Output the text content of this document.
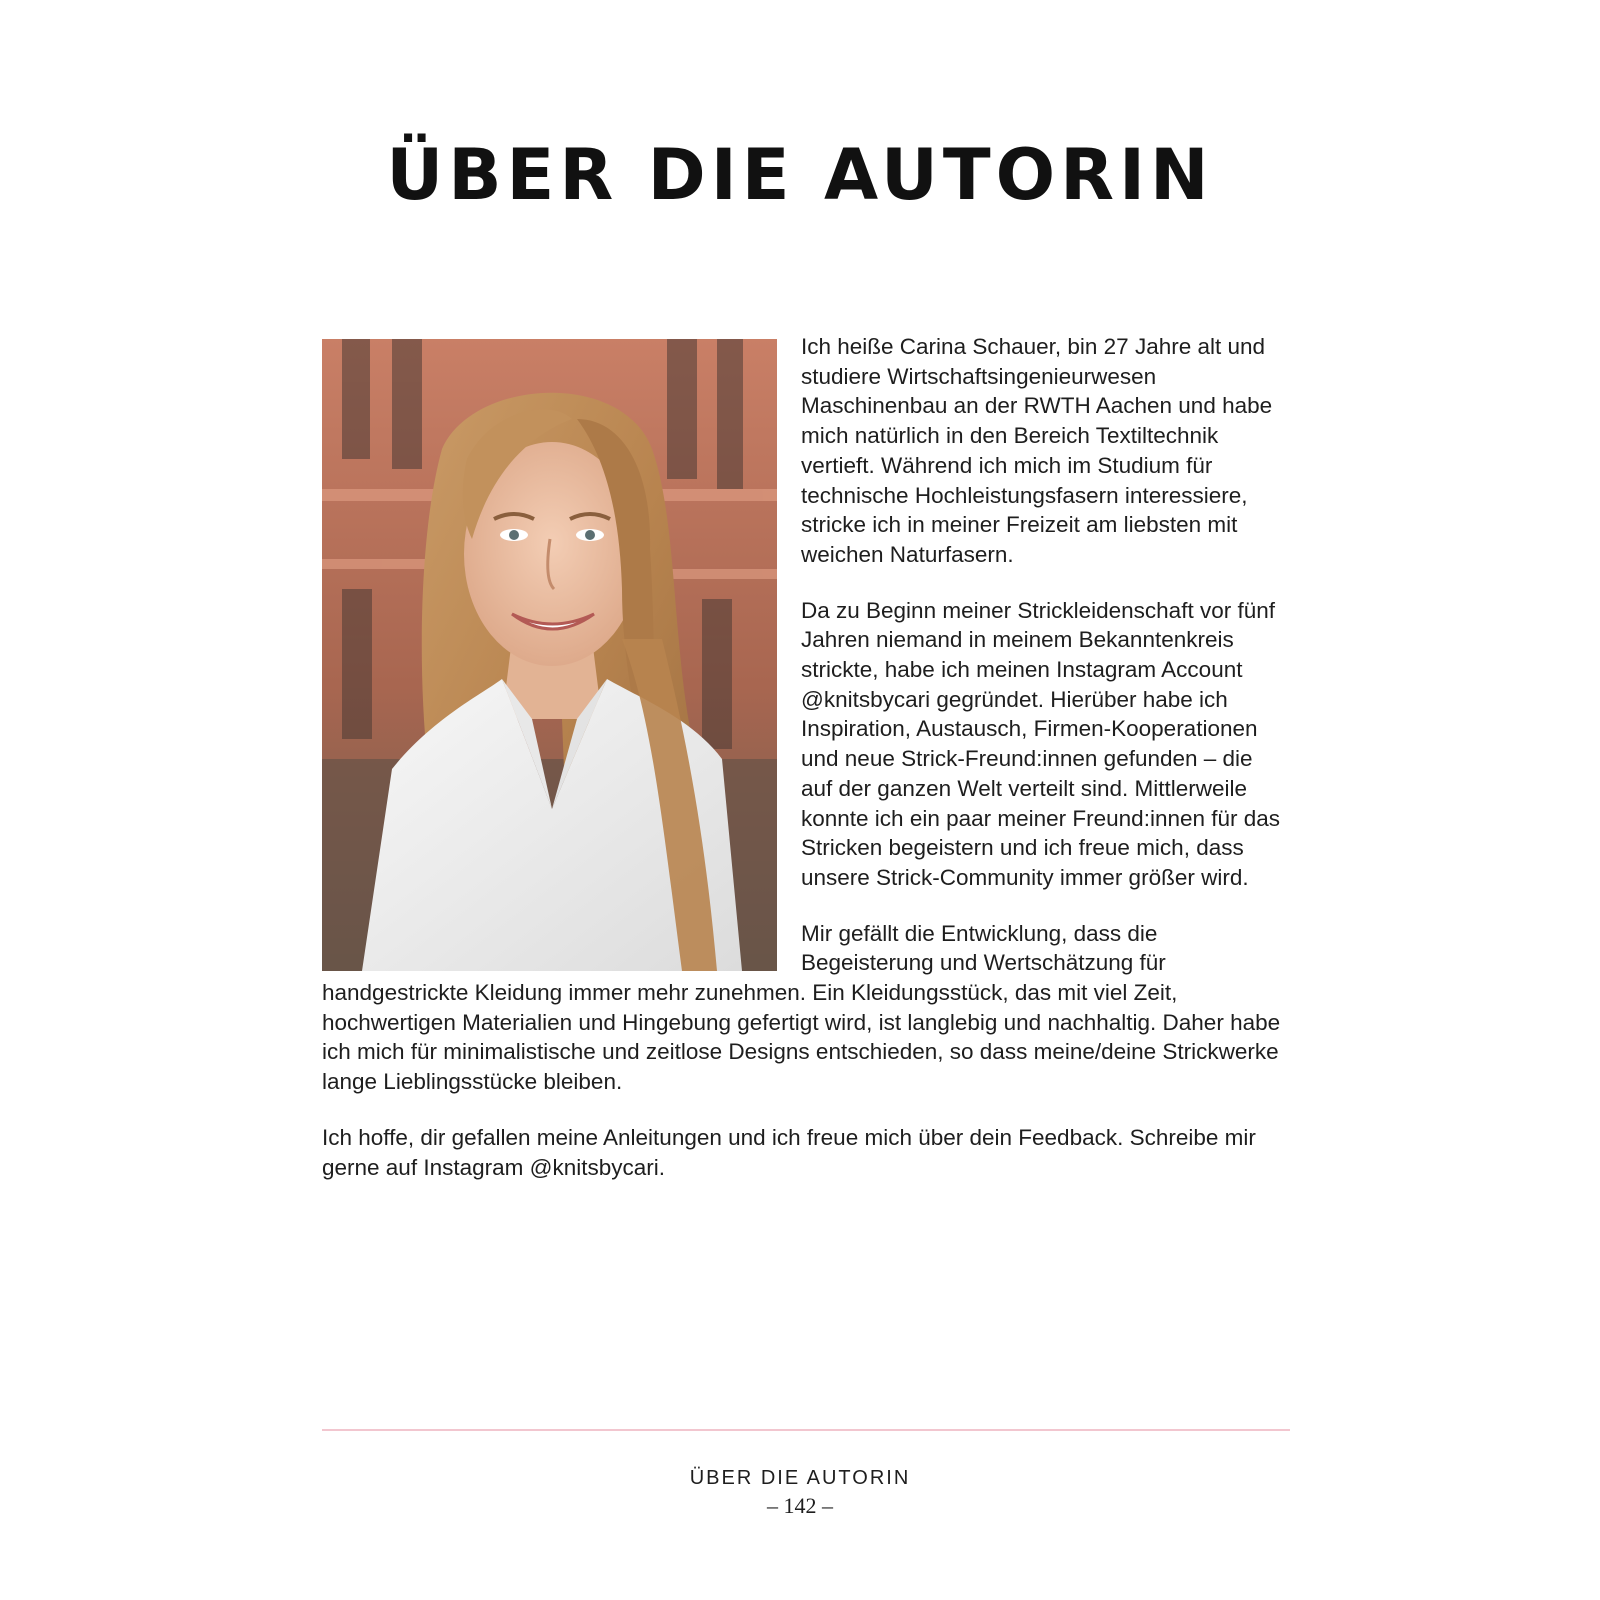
ÜBER DIE AUTORIN

Ich heiße Carina Schauer, bin 27 Jahre alt und studiere Wirtschaftsingenieurwesen Maschinenbau an der RWTH Aachen und habe mich natürlich in den Bereich Textiltechnik vertieft. Während ich mich im Studium für technische Hochleistungsfasern interessiere, stricke ich in meiner Freizeit am liebsten mit weichen Naturfasern.

Da zu Beginn meiner Strickleidenschaft vor fünf Jahren niemand in meinem Bekanntenkreis strickte, habe ich meinen Instagram Account @knitsbycari gegründet. Hierüber habe ich Inspiration, Austausch, Firmen-Kooperationen und neue Strick-Freund:innen gefunden – die auf der ganzen Welt verteilt sind. Mittlerweile konnte ich ein paar meiner Freund:innen für das Stricken begeistern und ich freue mich, dass unsere Strick-Community immer größer wird.

Mir gefällt die Entwicklung, dass die Begeisterung und Wertschätzung für handgestrickte Kleidung immer mehr zunehmen. Ein Kleidungsstück, das mit viel Zeit, hochwertigen Materialien und Hingebung gefertigt wird, ist langlebig und nachhaltig. Daher habe ich mich für minimalistische und zeitlose Designs entschieden, so dass meine/deine Strickwerke lange Lieblingsstücke bleiben.

Ich hoffe, dir gefallen meine Anleitungen und ich freue mich über dein Feedback. Schreibe mir gerne auf Instagram @knitsbycari.

ÜBER DIE AUTORIN
– 142 –
